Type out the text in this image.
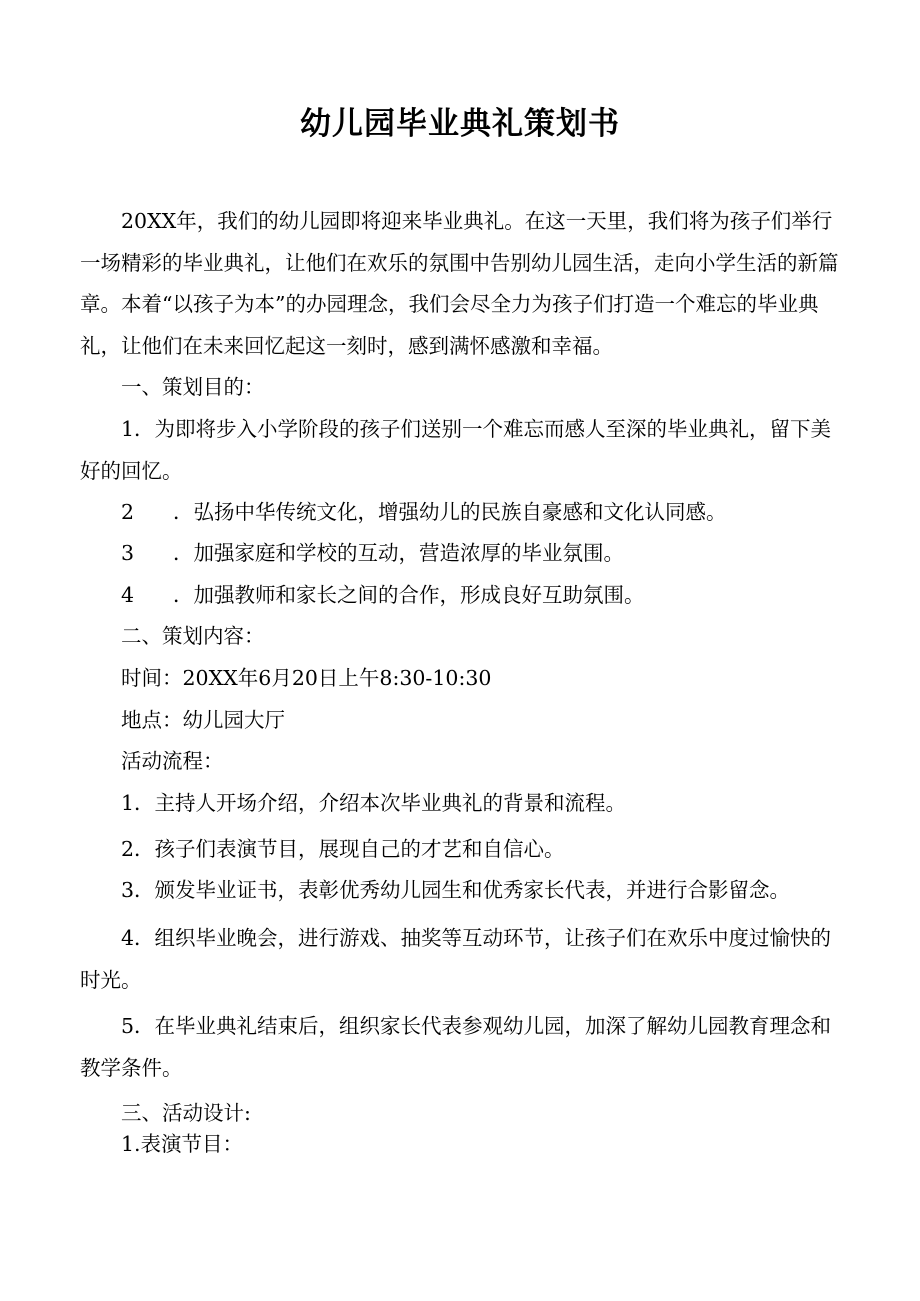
幼儿园毕业典礼策划书

20XX年，我们的幼儿园即将迎来毕业典礼。在这一天里，我们将为孩子们举行一场精彩的毕业典礼，让他们在欢乐的氛围中告别幼儿园生活，走向小学生活的新篇章。本着“以孩子为本”的办园理念，我们会尽全力为孩子们打造一个难忘的毕业典礼，让他们在未来回忆起这一刻时，感到满怀感激和幸福。

一、策划目的：

1．为即将步入小学阶段的孩子们送别一个难忘而感人至深的毕业典礼，留下美好的回忆。

2 ．弘扬中华传统文化，增强幼儿的民族自豪感和文化认同感。

3 ．加强家庭和学校的互动，营造浓厚的毕业氛围。

4 ．加强教师和家长之间的合作，形成良好互助氛围。

二、策划内容：

时间：20XX年6月20日上午8:30-10:30

地点：幼儿园大厅

活动流程：

1．主持人开场介绍，介绍本次毕业典礼的背景和流程。

2．孩子们表演节目，展现自己的才艺和自信心。

3．颁发毕业证书，表彰优秀幼儿园生和优秀家长代表，并进行合影留念。

4．组织毕业晚会，进行游戏、抽奖等互动环节，让孩子们在欢乐中度过愉快的时光。

5．在毕业典礼结束后，组织家长代表参观幼儿园，加深了解幼儿园教育理念和教学条件。

三、活动设计:

1.表演节目：
